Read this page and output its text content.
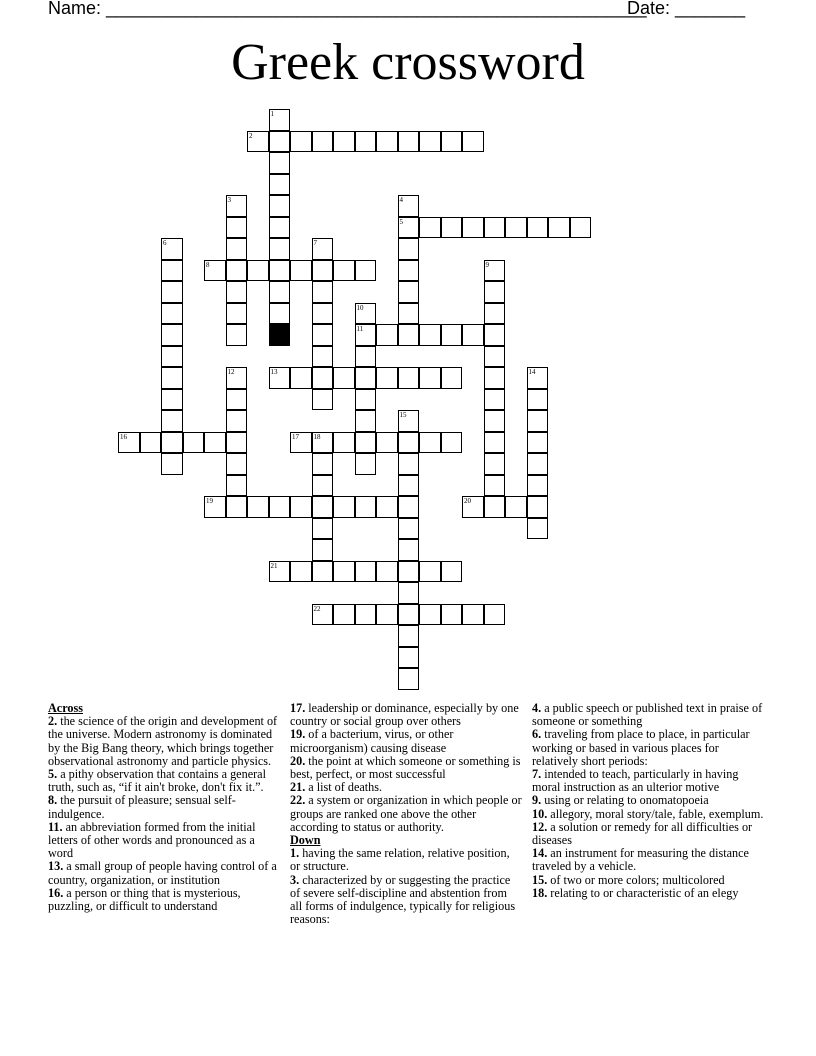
Name: ______________________________________________________
Date: _______
Greek crossword
1
2
3	4
5
6	7
8	9
10
11
12	13	14
15
16	17 18
19	20
21
22
Across

2. the science of the origin and development of the universe. Modern astronomy is dominated by the Big Bang theory, which brings together observational astronomy and particle physics.

5. a pithy observation that contains a general truth, such as, “if it ain't broke, don't fix it.”.

8. the pursuit of pleasure; sensual self-indulgence.

11. an abbreviation formed from the initial letters of other words and pronounced as a word

13. a small group of people having control of a country, organization, or institution

16. a person or thing that is mysterious, puzzling, or difficult to understand

17. leadership or dominance, especially by one country or social group over others

19. of a bacterium, virus, or other microorganism) causing disease

20. the point at which someone or something is best, perfect, or most successful

21. a list of deaths.

22. a system or organization in which people or groups are ranked one above the other according to status or authority.

Down

1. having the same relation, relative position, or structure.

3. characterized by or suggesting the practice of severe self-discipline and abstention from all forms of indulgence, typically for religious reasons:

4. a public speech or published text in praise of someone or something

6. traveling from place to place, in particular working or based in various places for relatively short periods:

7. intended to teach, particularly in having moral instruction as an ulterior motive

9. using or relating to onomatopoeia

10. allegory, moral story/tale, fable, exemplum.

12. a solution or remedy for all difficulties or diseases

14. an instrument for measuring the distance traveled by a vehicle.

15. of two or more colors; multicolored

18. relating to or characteristic of an elegy
